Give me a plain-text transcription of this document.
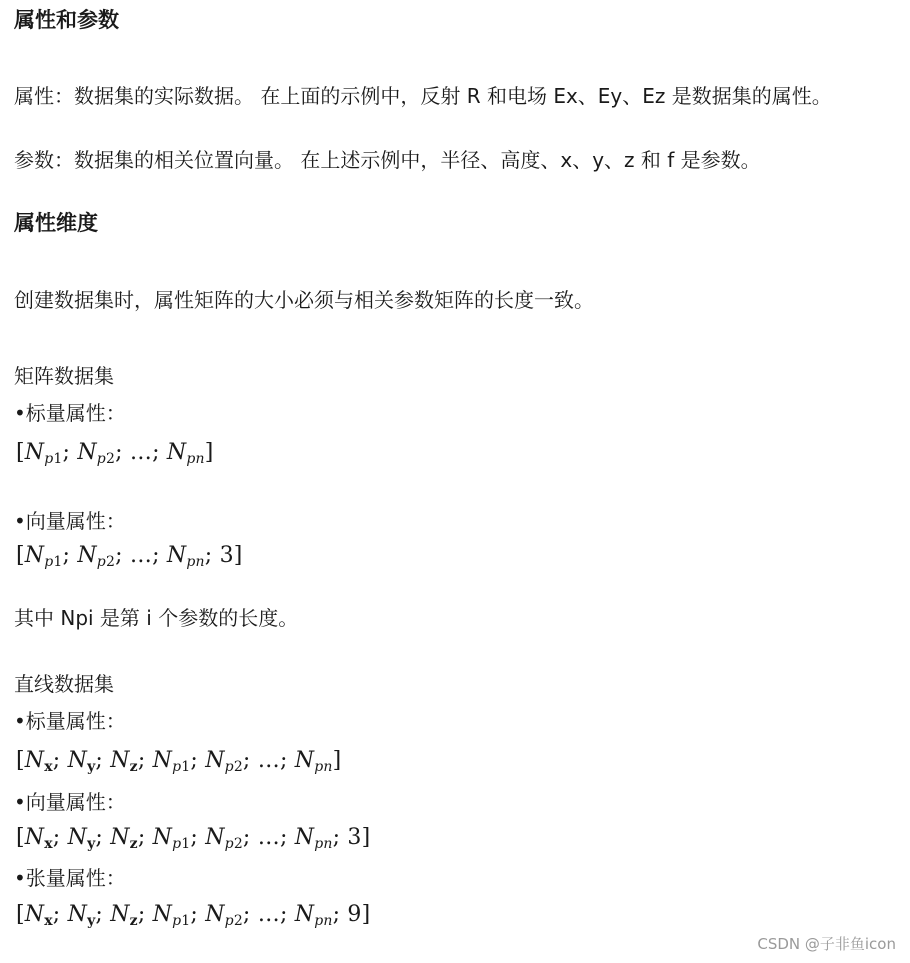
属性和参数
属性：数据集的实际数据。 在上面的示例中，反射 R 和电场 Ex、Ey、Ez 是数据集的属性。
参数：数据集的相关位置向量。 在上述示例中，半径、高度、x、y、z 和 f 是参数。
属性维度
创建数据集时，属性矩阵的大小必须与相关参数矩阵的长度一致。
矩阵数据集
•标量属性：
[$N_{p1}$; $N_{p2}$; …; $N_{pn}$]
•向量属性：
[$N_{p1}$; $N_{p2}$; …; $N_{pn}$; 3]
其中 Npi 是第 i 个参数的长度。
直线数据集
•标量属性：
[$N_x$; $N_y$; $N_z$; $N_{p1}$; $N_{p2}$; …; $N_{pn}$]
•向量属性：
[$N_x$; $N_y$; $N_z$; $N_{p1}$; $N_{p2}$; …; $N_{pn}$; 3]
•张量属性：
[$N_x$; $N_y$; $N_z$; $N_{p1}$; $N_{p2}$; …; $N_{pn}$; 9]
CSDN @子非鱼icon
